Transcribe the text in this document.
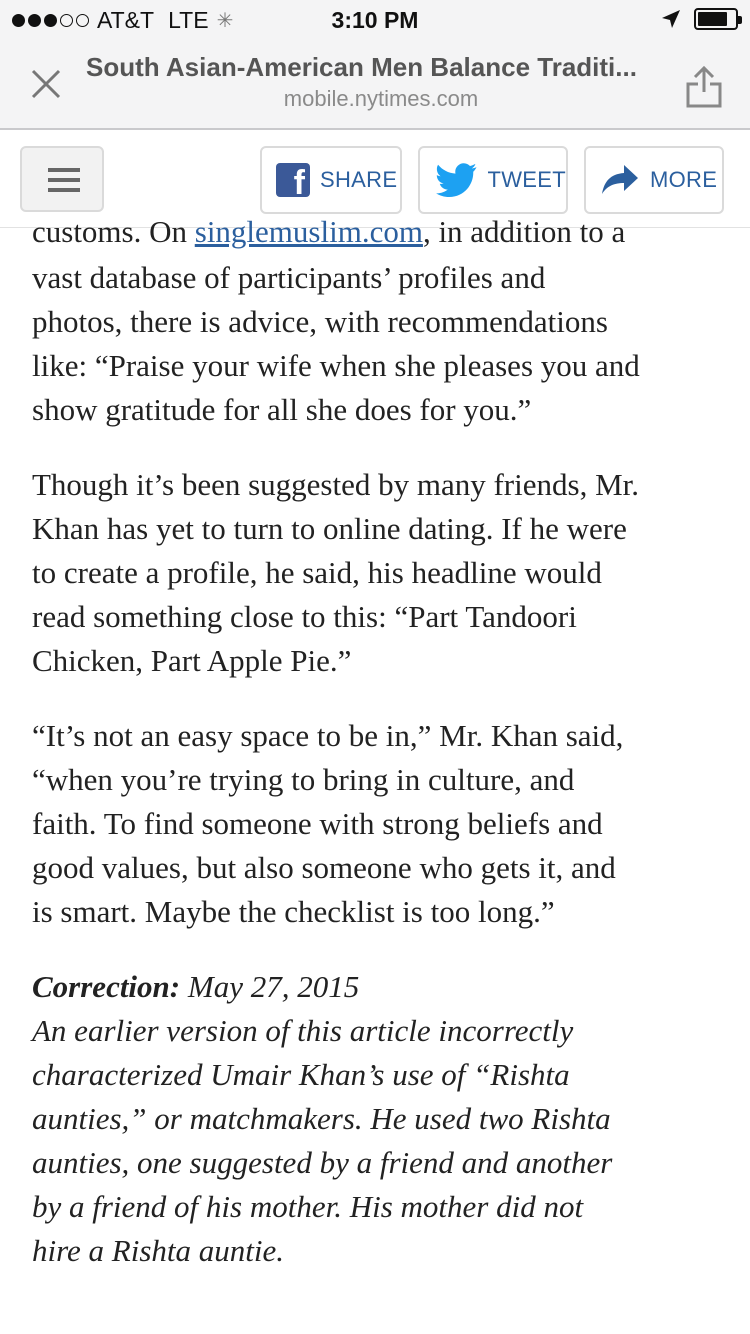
AT&T LTE ✳	3:10 PM
South Asian-American Men Balance Traditi...
mobile.nytimes.com
f SHARE	TWEET	MORE
customs. On singlemuslim.com, in addition to a

vast database of participants’ profiles and
photos, there is advice, with recommendations
like: “Praise your wife when she pleases you and
show gratitude for all she does for you.”

Though it’s been suggested by many friends, Mr.
Khan has yet to turn to online dating. If he were
to create a profile, he said, his headline would
read something close to this: “Part Tandoori
Chicken, Part Apple Pie.”

“It’s not an easy space to be in,” Mr. Khan said,
“when you’re trying to bring in culture, and
faith. To find someone with strong beliefs and
good values, but also someone who gets it, and
is smart. Maybe the checklist is too long.”

Correction: May 27, 2015
An earlier version of this article incorrectly
characterized Umair Khan’s use of “Rishta
aunties,” or matchmakers. He used two Rishta
aunties, one suggested by a friend and another
by a friend of his mother. His mother did not
hire a Rishta auntie.
